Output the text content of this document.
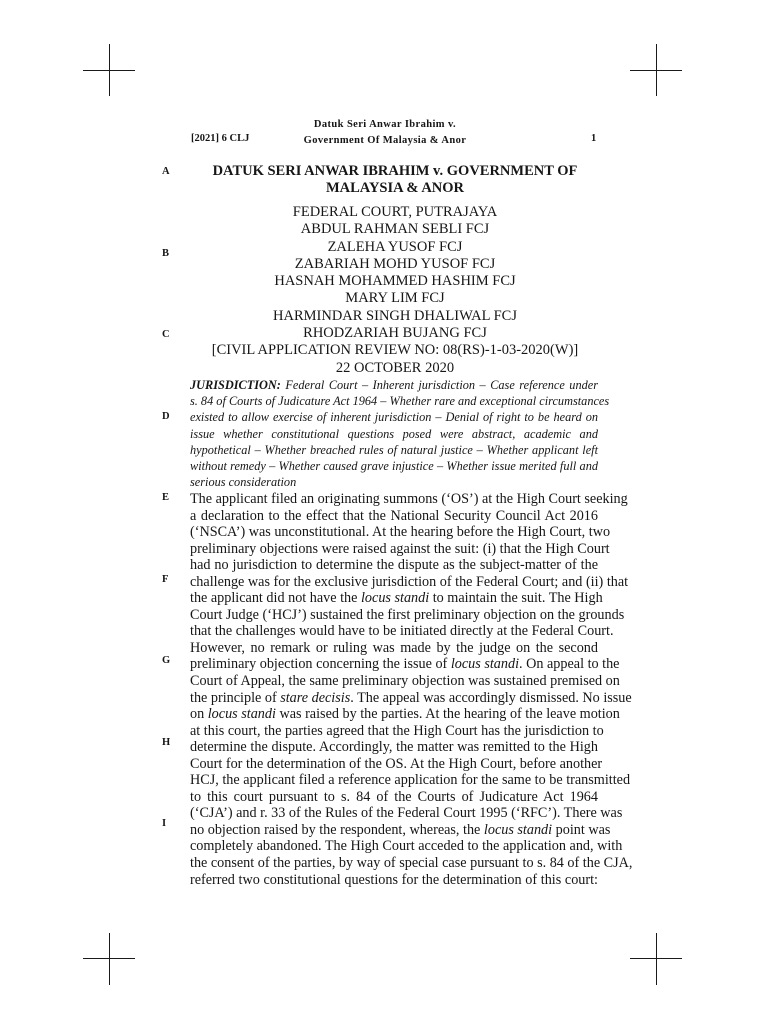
[2021] 6 CLJ
Datuk Seri Anwar Ibrahim v.
Government Of Malaysia & Anor	1
A
B
C
D
E
F
G
H
I
DATUK SERI ANWAR IBRAHIM v. GOVERNMENT OF
MALAYSIA & ANOR
FEDERAL COURT, PUTRAJAYA
ABDUL RAHMAN SEBLI FCJ
ZALEHA YUSOF FCJ
ZABARIAH MOHD YUSOF FCJ
HASNAH MOHAMMED HASHIM FCJ
MARY LIM FCJ
HARMINDAR SINGH DHALIWAL FCJ
RHODZARIAH BUJANG FCJ
[CIVIL APPLICATION REVIEW NO: 08(RS)-1-03-2020(W)]
22 OCTOBER 2020
JURISDICTION: Federal Court – Inherent jurisdiction – Case reference under
s. 84 of Courts of Judicature Act 1964 – Whether rare and exceptional circumstances
existed to allow exercise of inherent jurisdiction – Denial of right to be heard on
issue whether constitutional questions posed were abstract, academic and
hypothetical – Whether breached rules of natural justice – Whether applicant left
without remedy – Whether caused grave injustice – Whether issue merited full and
serious consideration
The applicant filed an originating summons (‘OS’) at the High Court seeking
a declaration to the effect that the National Security Council Act 2016
(‘NSCA’) was unconstitutional. At the hearing before the High Court, two
preliminary objections were raised against the suit: (i) that the High Court
had no jurisdiction to determine the dispute as the subject-matter of the
challenge was for the exclusive jurisdiction of the Federal Court; and (ii) that
the applicant did not have the locus standi to maintain the suit. The High
Court Judge (‘HCJ’) sustained the first preliminary objection on the grounds
that the challenges would have to be initiated directly at the Federal Court.
However, no remark or ruling was made by the judge on the second
preliminary objection concerning the issue of locus standi. On appeal to the
Court of Appeal, the same preliminary objection was sustained premised on
the principle of stare decisis. The appeal was accordingly dismissed. No issue
on locus standi was raised by the parties. At the hearing of the leave motion
at this court, the parties agreed that the High Court has the jurisdiction to
determine the dispute. Accordingly, the matter was remitted to the High
Court for the determination of the OS. At the High Court, before another
HCJ, the applicant filed a reference application for the same to be transmitted
to this court pursuant to s. 84 of the Courts of Judicature Act 1964
(‘CJA’) and r. 33 of the Rules of the Federal Court 1995 (‘RFC’). There was
no objection raised by the respondent, whereas, the locus standi point was
completely abandoned. The High Court acceded to the application and, with
the consent of the parties, by way of special case pursuant to s. 84 of the CJA,
referred two constitutional questions for the determination of this court:
